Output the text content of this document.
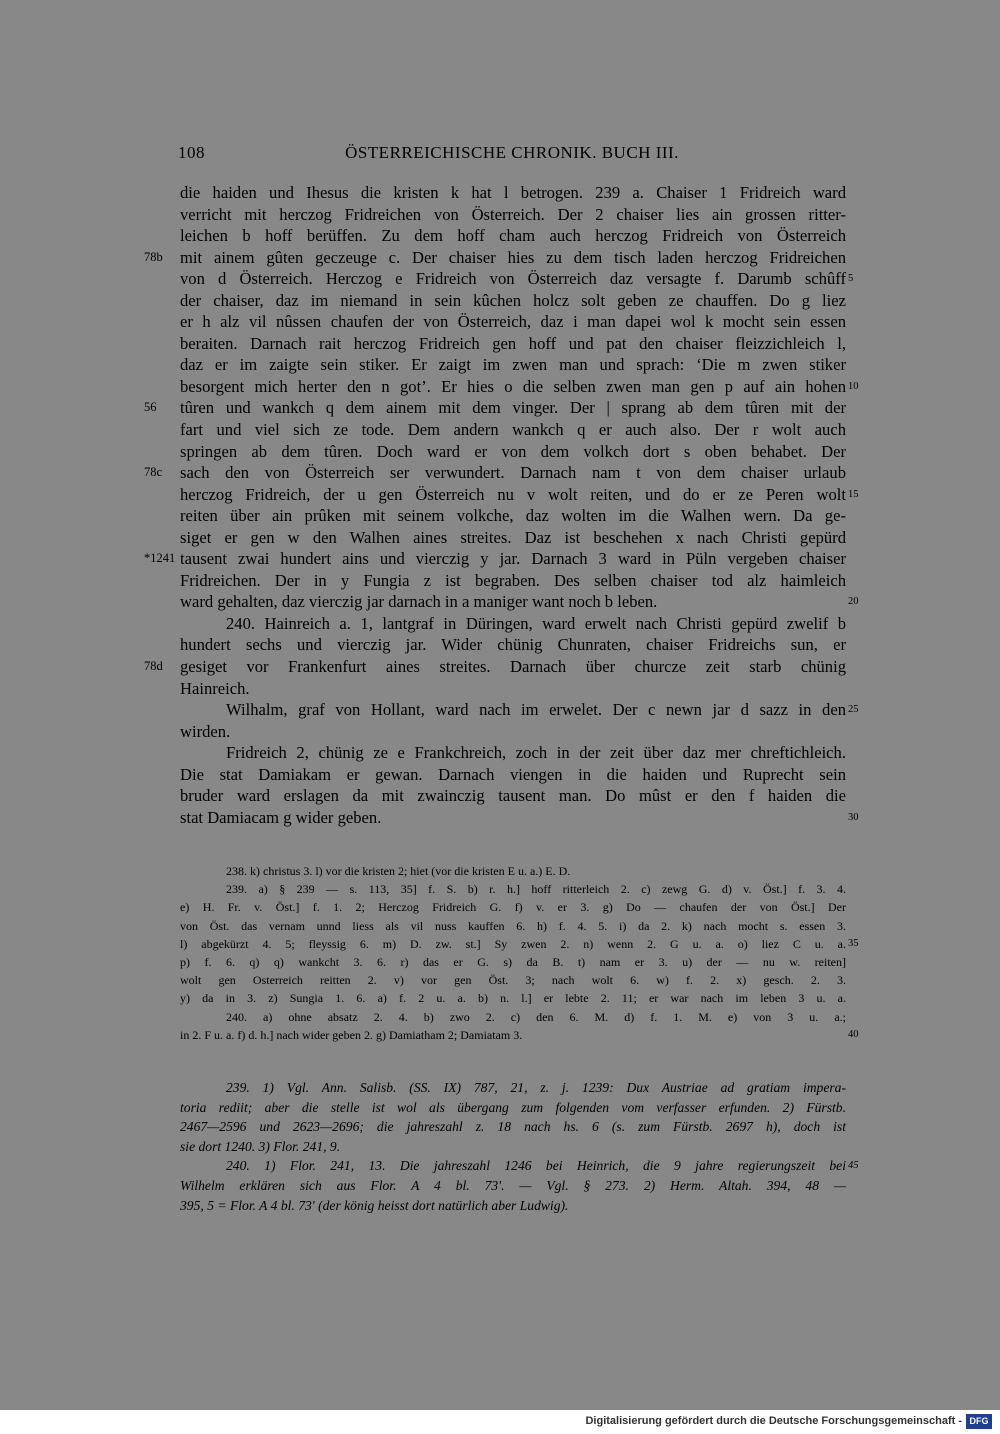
108	ÖSTERREICHISCHE CHRONIK. BUCH III.
die haiden und Ihesus die kristen k hat l betrogen. 239 a. Chaiser 1 Fridreich ward
verricht mit herczog Fridreichen von Österreich. Der 2 chaiser lies ain grossen ritter-
leichen b hoff berüffen. Zu dem hoff cham auch herczog Fridreich von Österreich
mit ainem gûten geczeuge c. Der chaiser hies zu dem tisch laden herczog Fridreichen
78b
von d Österreich. Herczog e Fridreich von Österreich daz versagte f. Darumb schûff 5
der chaiser, daz im niemand in sein kûchen holcz solt geben ze chauffen. Do g liez
er h alz vil nûssen chaufen der von Österreich, daz i man dapei wol k mocht sein essen
beraiten. Darnach rait herczog Fridreich gen hoff und pat den chaiser fleizzichleich l,
daz er im zaigte sein stiker. Er zaigt im zwen man und sprach: ‘Die m zwen stiker
besorgent mich herter den n got’. Er hies o die selben zwen man gen p auf ain hohen 10
tûren und wankch q dem ainem mit dem vinger. Der | sprang ab dem tûren mit der
56
fart und viel sich ze tode. Dem andern wankch q er auch also. Der r wolt auch
springen ab dem tûren. Doch ward er von dem volkch dort s oben behabet. Der
sach den von Österreich ser verwundert. Darnach nam t von dem chaiser urlaub
78c
herczog Fridreich, der u gen Österreich nu v wolt reiten, und do er ze Peren wolt 15
reiten über ain prûken mit seinem volkche, daz wolten im die Walhen wern. Da ge-
siget er gen w den Walhen aines streites. Daz ist beschehen x nach Christi gepürd
tausent zwai hundert ains und vierczig y jar. Darnach 3 ward in Püln vergeben chaiser
*1241
Fridreichen. Der in y Fungia z ist begraben. Des selben chaiser tod alz haimleich
ward gehalten, daz vierczig jar darnach in a maniger want noch b leben.	20
240. Hainreich a. 1, lantgraf in Düringen, ward erwelt nach Christi gepürd zwelif b
hundert sechs und vierczig jar. Wider chünig Chunraten, chaiser Fridreichs sun, er
gesiget vor Frankenfurt aines streites. Darnach über churcze zeit starb chünig
78d
Hainreich.
Wilhalm, graf von Hollant, ward nach im erwelet. Der c newn jar d sazz in den 25
wirden.
Fridreich 2, chünig ze e Frankchreich, zoch in der zeit über daz mer chreftichleich.
Die stat Damiakam er gewan. Darnach viengen in die haiden und Ruprecht sein
bruder ward erslagen da mit zwainczig tausent man. Do mûst er den f haiden die
stat Damiacam g wider geben.	30
238. k) christus 3. l) vor die kristen 2; hiet (vor die kristen E u. a.) E. D.
239. a) § 239 — s. 113, 35] f. S. b) r. h.] hoff ritterleich 2. c) zewg G. d) v. Öst.] f. 3. 4.
e) H. Fr. v. Öst.] f. 1. 2; Herczog Fridreich G. f) v. er 3. g) Do — chaufen der von Öst.] Der
von Öst. das vernam unnd liess als vil nuss kauffen 6. h) f. 4. 5. i) da 2. k) nach mocht s. essen 3.
l) abgekürzt 4. 5; fleyssig 6. m) D. zw. st.] Sy zwen 2. n) wenn 2. G u. a. o) liez C u. a. 35
p) f. 6. q) q) wankcht 3. 6. r) das er G. s) da B. t) nam er 3. u) der — nu w. reiten]
wolt gen Osterreich reitten 2. v) vor gen Öst. 3; nach wolt 6. w) f. 2. x) gesch. 2. 3.
y) da in 3. z) Sungia 1. 6. a) f. 2 u. a. b) n. l.] er lebte 2. 11; er war nach im leben 3 u. a.
240. a) ohne absatz 2. 4. b) zwo 2. c) den 6. M. d) f. 1. M. e) von 3 u. a.;
in 2. F u. a. f) d. h.] nach wider geben 2. g) Damiatham 2; Damiatam 3.	40
239. 1) Vgl. Ann. Salisb. (SS. IX) 787, 21, z. j. 1239: Dux Austriae ad gratiam impera-
toria rediit; aber die stelle ist wol als übergang zum folgenden vom verfasser erfunden. 2) Fürstb.
2467—2596 und 2623—2696; die jahreszahl z. 18 nach hs. 6 (s. zum Fürstb. 2697 h), doch ist
sie dort 1240. 3) Flor. 241, 9.
240. 1) Flor. 241, 13. Die jahreszahl 1246 bei Heinrich, die 9 jahre regierungszeit bei 45
Wilhelm erklären sich aus Flor. A 4 bl. 73'. — Vgl. § 273. 2) Herm. Altah. 394, 48 —
395, 5 = Flor. A 4 bl. 73' (der könig heisst dort natürlich aber Ludwig).
Digitalisierung gefördert durch die Deutsche Forschungsgemeinschaft - DFG
